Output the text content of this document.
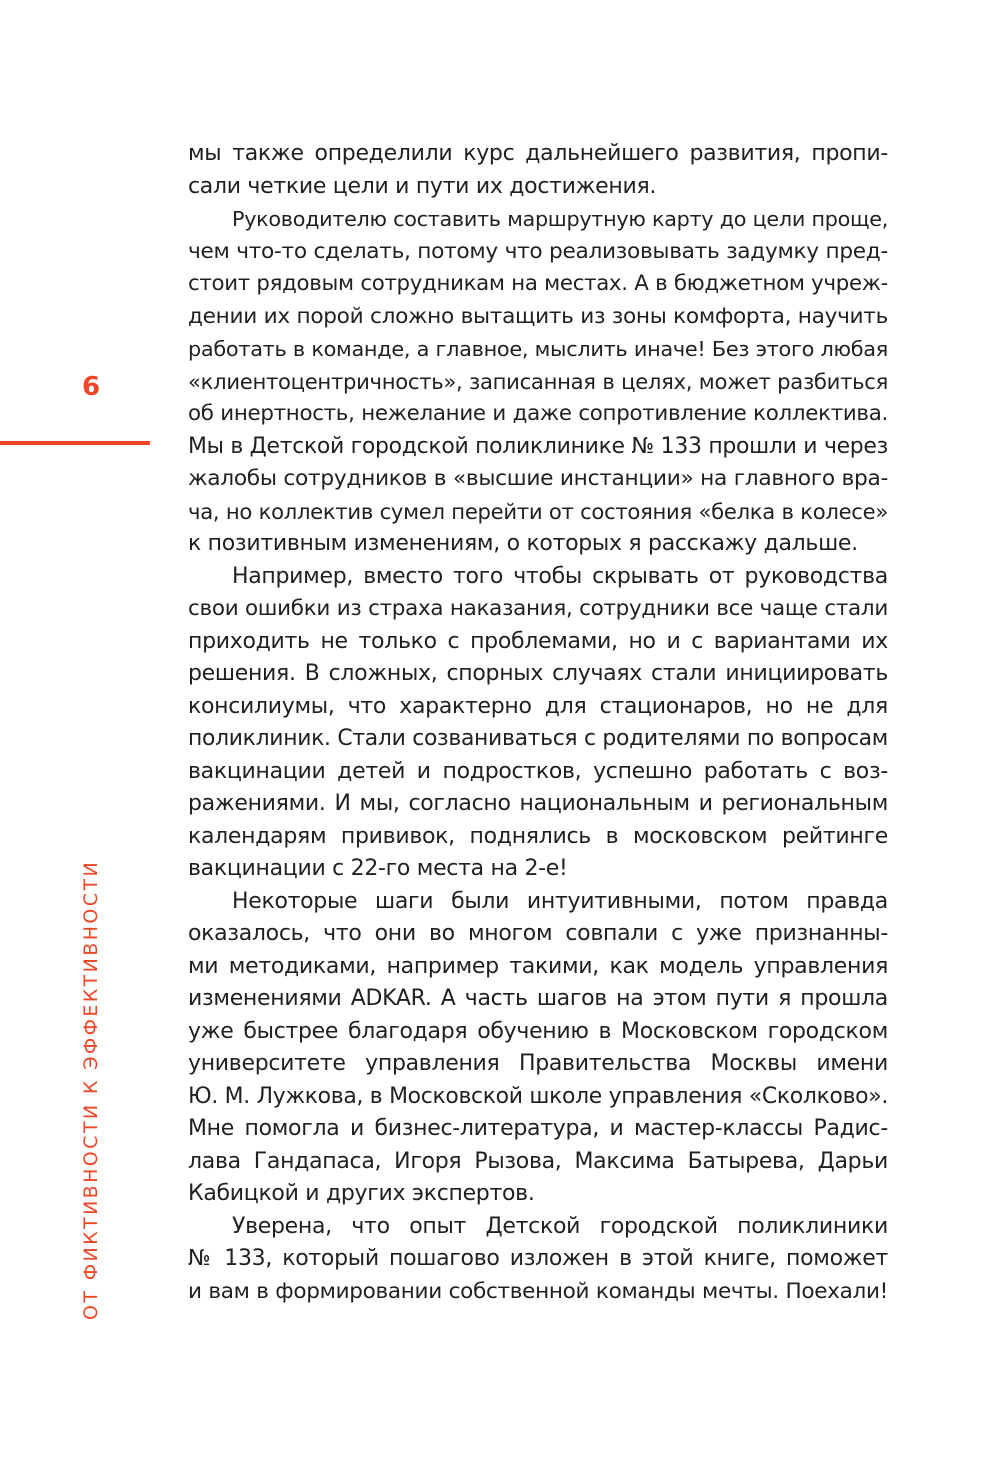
6
ОТ ФИКТИВНОСТИ К ЭФФЕКТИВНОСТИ
мы также определили курс дальнейшего развития, пропи-
сали четкие цели и пути их достижения.
Руководителю составить маршрутную карту до цели проще,
чем что-то сделать, потому что реализовывать задумку пред-
стоит рядовым сотрудникам на местах. А в бюджетном учреж-
дении их порой сложно вытащить из зоны комфорта, научить
работать в команде, а главное, мыслить иначе! Без этого любая
«клиентоцентричность», записанная в целях, может разбиться
об инертность, нежелание и даже сопротивление коллектива.
Мы в Детской городской поликлинике № 133 прошли и через
жалобы сотрудников в «высшие инстанции» на главного вра-
ча, но коллектив сумел перейти от состояния «белка в колесе»
к позитивным изменениям, о которых я расскажу дальше.
Например, вместо того чтобы скрывать от руководства
свои ошибки из страха наказания, сотрудники все чаще стали
приходить не только с проблемами, но и с вариантами их
решения. В сложных, спорных случаях стали инициировать
консилиумы, что характерно для стационаров, но не для
поликлиник. Стали созваниваться с родителями по вопросам
вакцинации детей и подростков, успешно работать с воз-
ражениями. И мы, согласно национальным и региональным
календарям прививок, поднялись в московском рейтинге
вакцинации с 22-го места на 2-е!
Некоторые шаги были интуитивными, потом правда
оказалось, что они во многом совпали с уже признанны-
ми методиками, например такими, как модель управления
изменениями ADKAR. А часть шагов на этом пути я прошла
уже быстрее благодаря обучению в Московском городском
университете управления Правительства Москвы имени
Ю. М. Лужкова, в Московской школе управления «Сколково».
Мне помогла и бизнес-литература, и мастер-классы Радис-
лава Гандапаса, Игоря Рызова, Максима Батырева, Дарьи
Кабицкой и других экспертов.
Уверена, что опыт Детской городской поликлиники
№ 133, который пошагово изложен в этой книге, поможет
и вам в формировании собственной команды мечты. Поехали!
